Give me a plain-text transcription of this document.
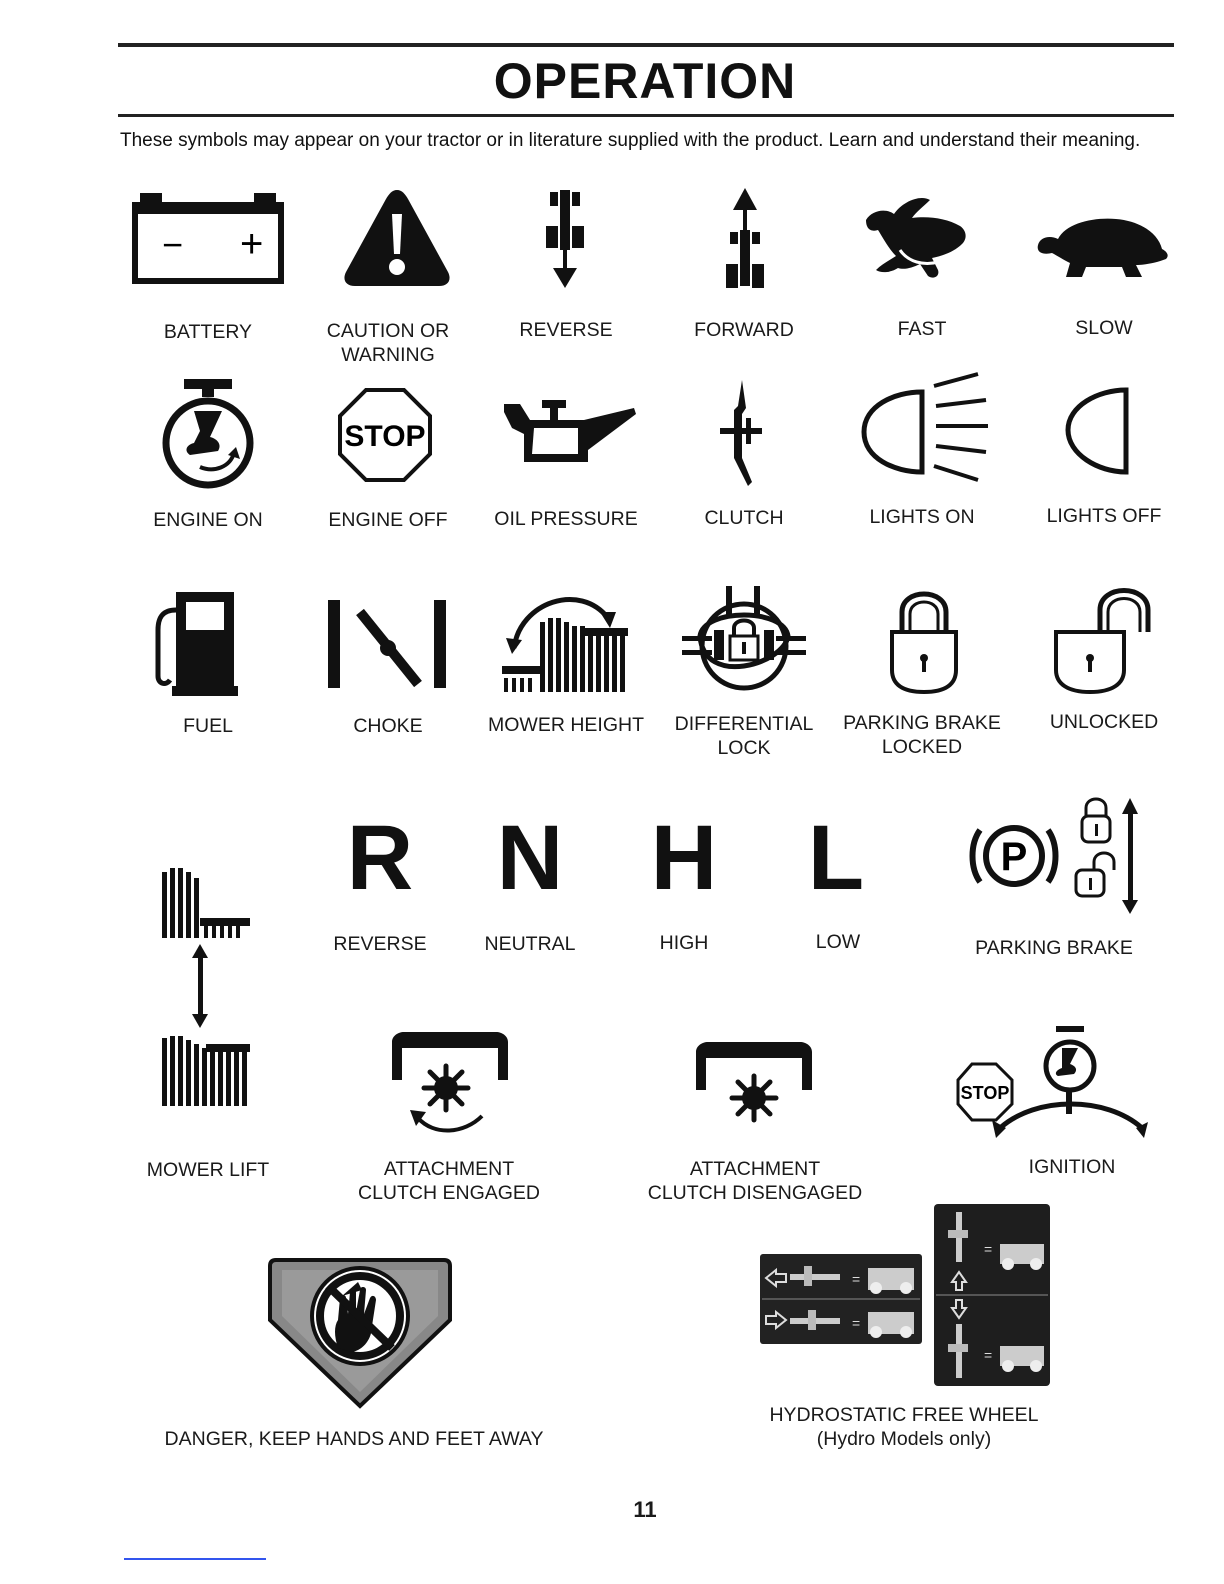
OPERATION
These symbols may appear on your tractor or in literature supplied with the product. Learn and understand their meaning.
− +
BATTERY	CAUTION OR
WARNING
REVERSE	FORWARD	FAST	SLOW
ENGINE ON
STOP
ENGINE OFF OIL PRESSURE	CLUTCH	LIGHTS ON	LIGHTS OFF
FUEL	CHOKE	MOWER HEIGHT DIFFERENTIAL
LOCK
PARKING BRAKE
LOCKED
UNLOCKED
R
REVERSE
N
NEUTRAL
H
HIGH
L
LOW
P
PARKING BRAKE
MOWER LIFT	ATTACHMENT
CLUTCH ENGAGED
ATTACHMENT
CLUTCH DISENGAGED
STOP
IGNITION
DANGER, KEEP HANDS AND FEET AWAY
=
=
=
=
HYDROSTATIC FREE WHEEL
(Hydro Models only)
11
